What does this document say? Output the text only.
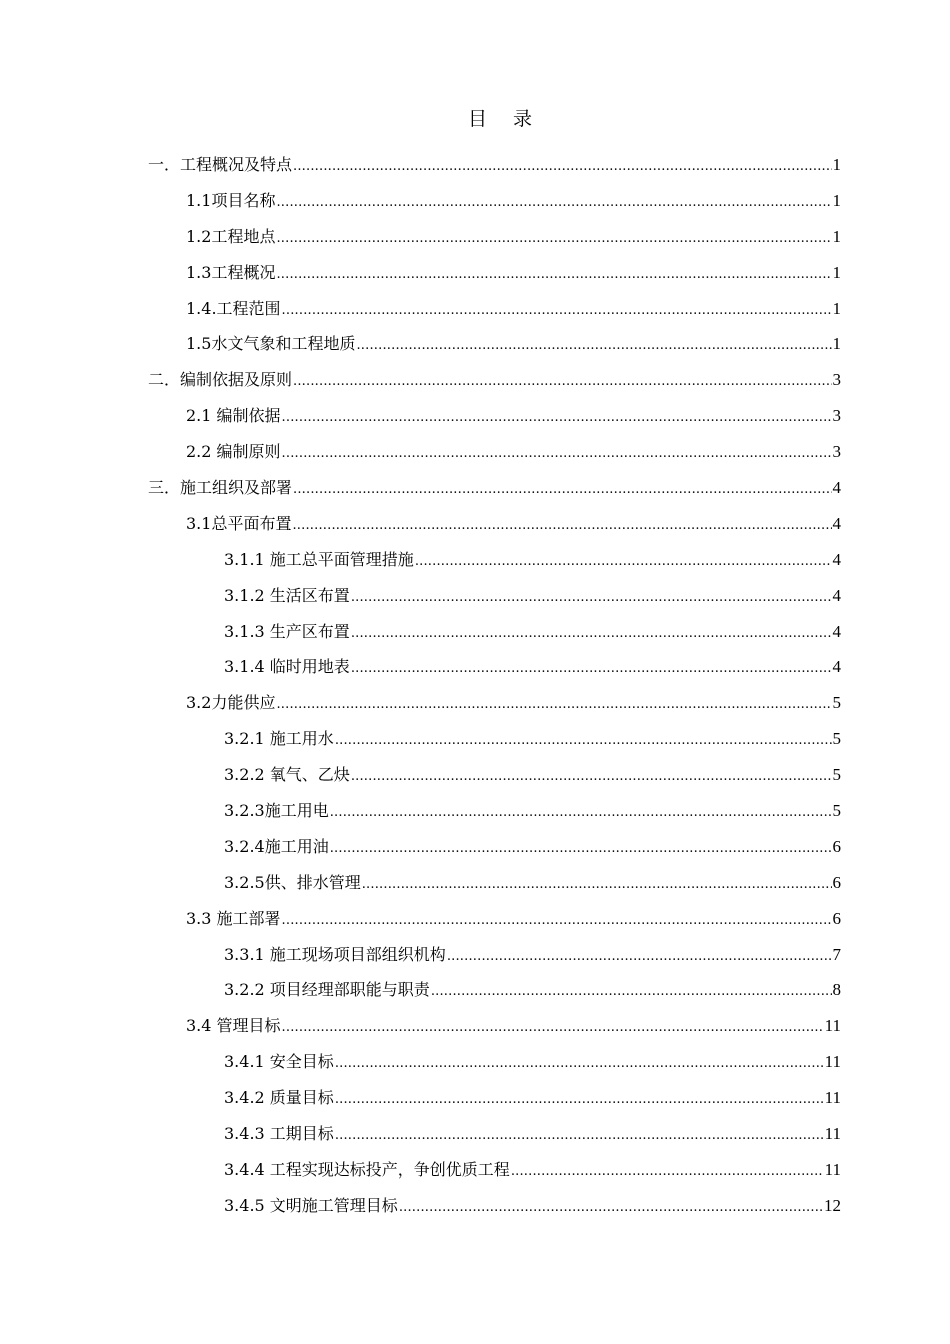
目 录
一．工程概况及特点 .....	1
1.1项目名称 .....	1
1.2工程地点 .....	1
1.3工程概况 .....	1
1.4.工程范围 .....	1
1.5水文气象和工程地质 .....	1
二．编制依据及原则 .....	3
2.1 编制依据 .....	3
2.2 编制原则 .....	3
三．施工组织及部署 .....	4
3.1总平面布置 .....	4
3.1.1 施工总平面管理措施 .....	4
3.1.2 生活区布置 .....	4
3.1.3 生产区布置 .....	4
3.1.4 临时用地表 .....	4
3.2力能供应 .....	5
3.2.1 施工用水 .....	5
3.2.2 氧气、乙炔 .....	5
3.2.3施工用电 .....	5
3.2.4施工用油 .....	6
3.2.5供、排水管理 .....	6
3.3 施工部署 .....	6
3.3.1 施工现场项目部组织机构 .....	7
3.2.2 项目经理部职能与职责 .....	8
3.4 管理目标 .....	11
3.4.1 安全目标 .....	11
3.4.2 质量目标 .....	11
3.4.3 工期目标 .....	11
3.4.4 工程实现达标投产，争创优质工程 .....	11
3.4.5 文明施工管理目标 .....	12
